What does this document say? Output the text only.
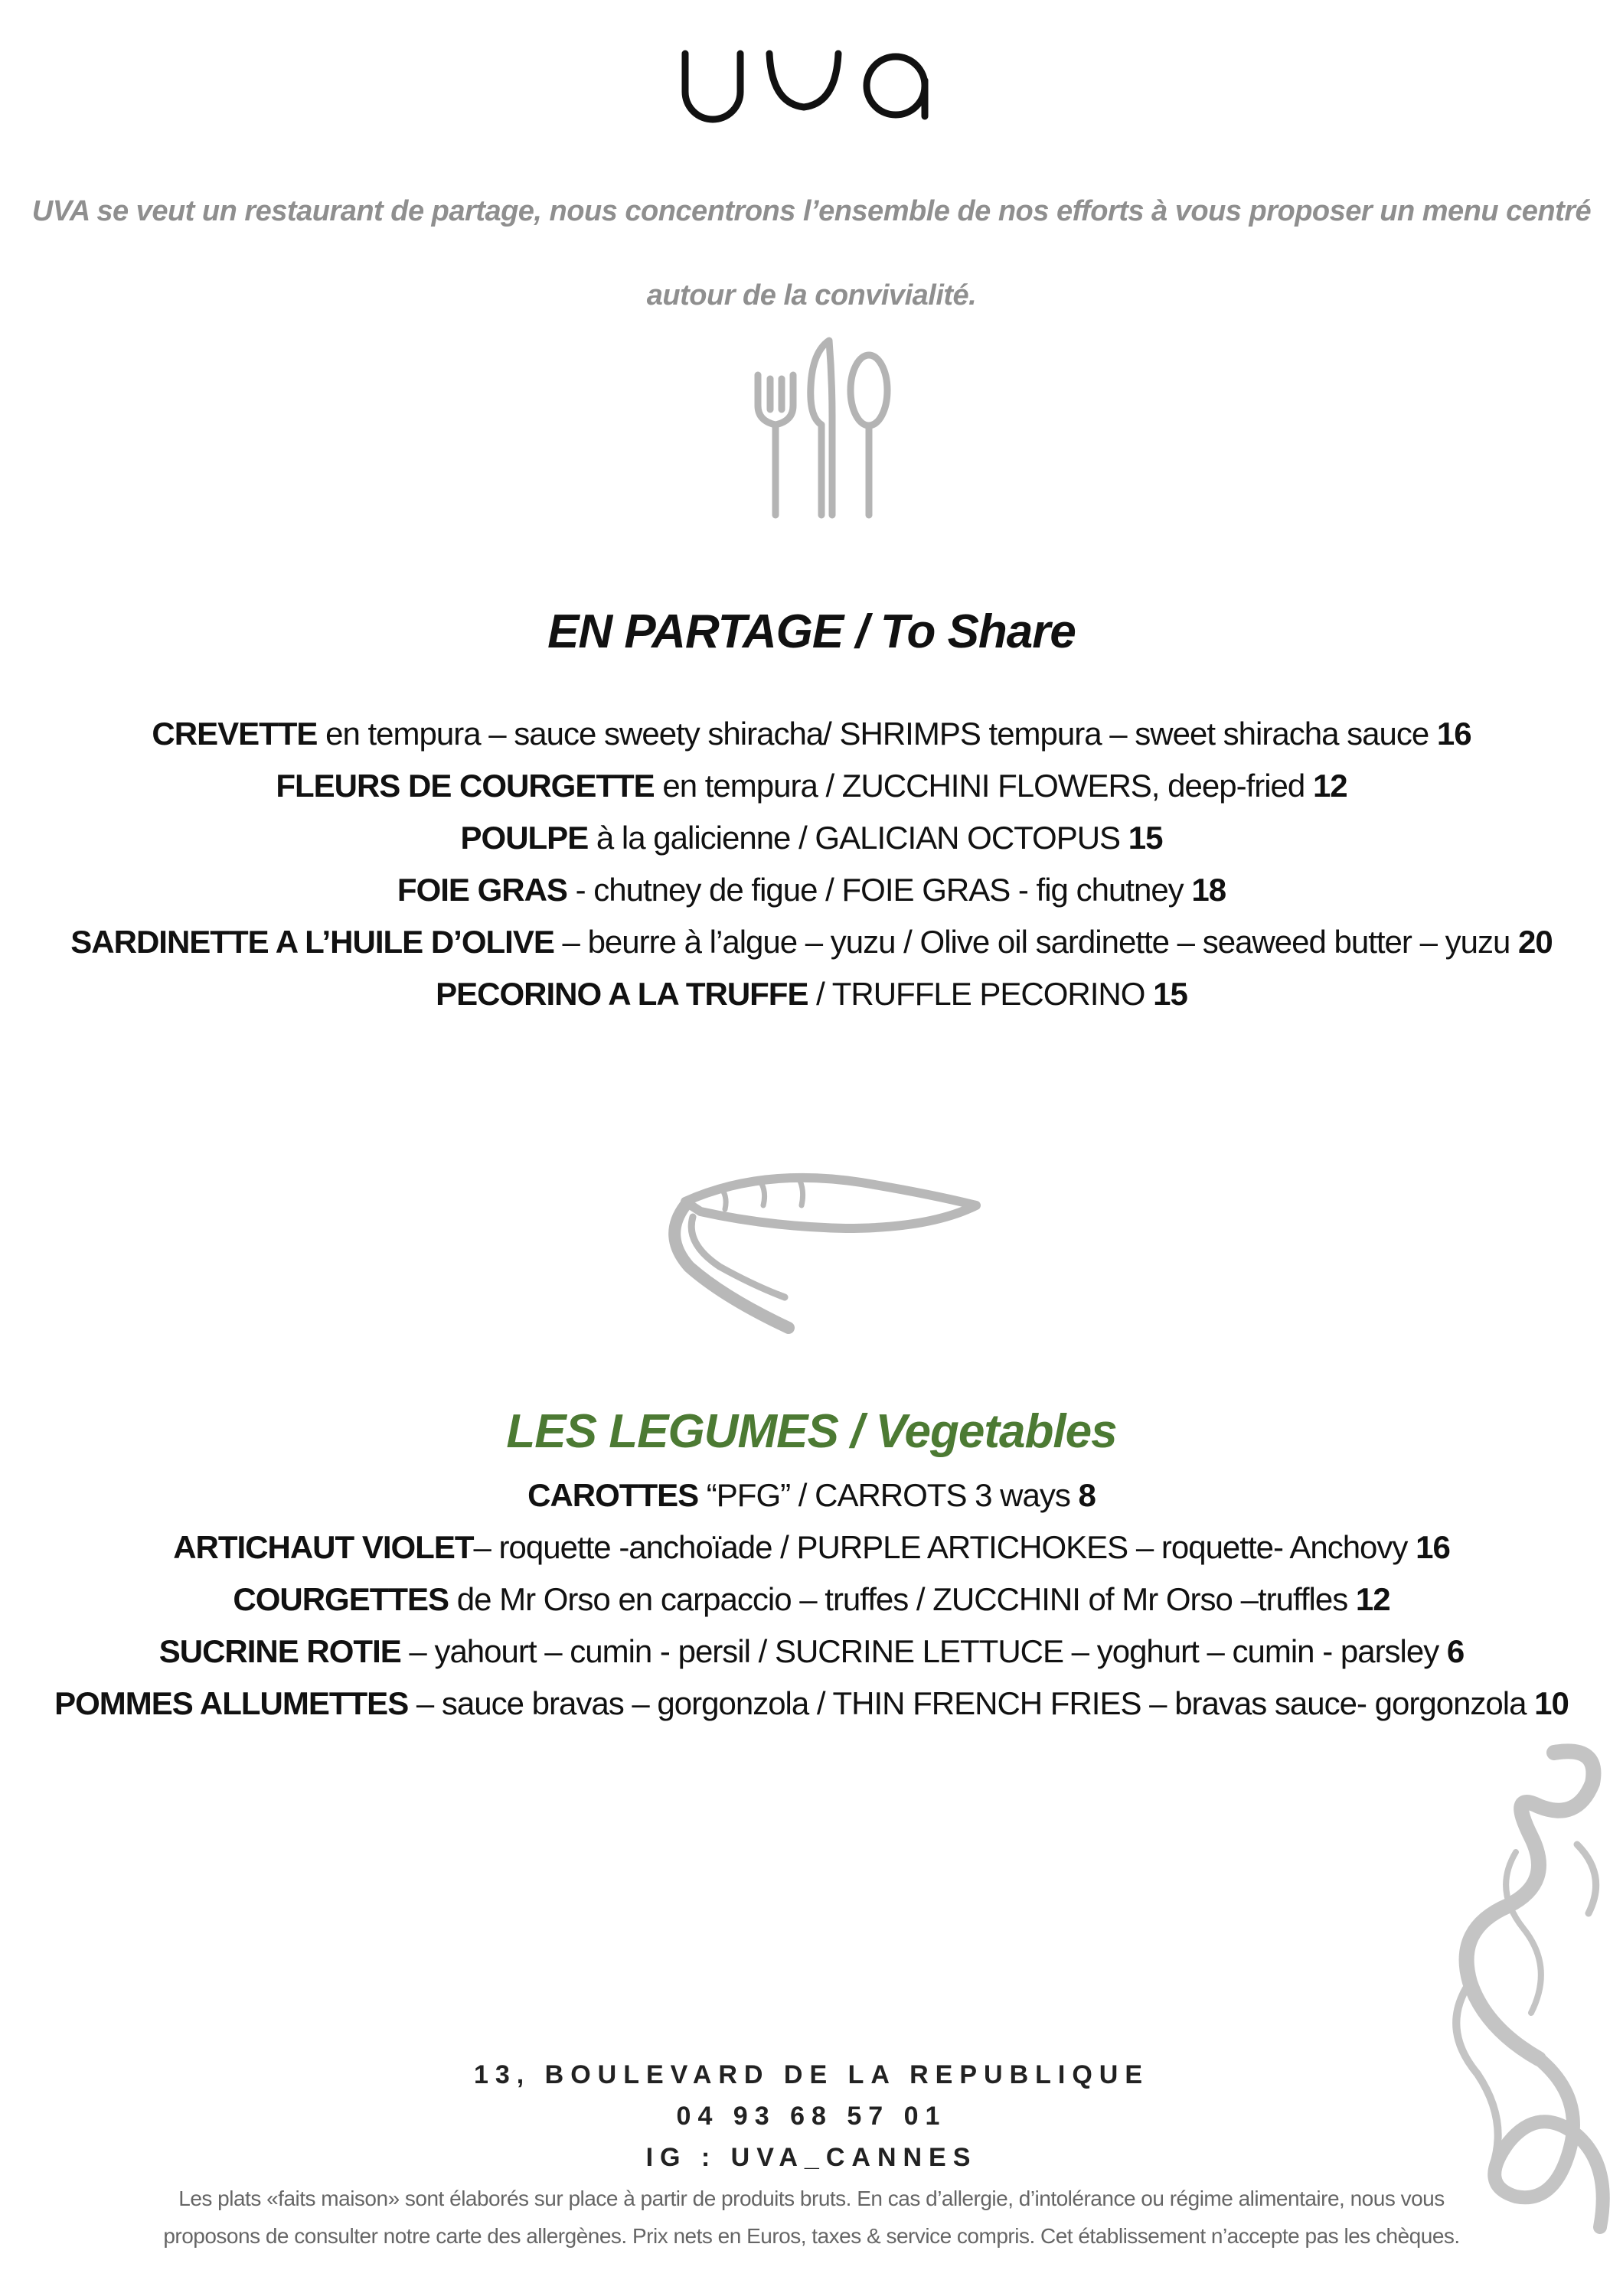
UVA se veut un restaurant de partage, nous concentrons l’ensemble de nos efforts à vous proposer un menu centré
autour de la convivialité.
EN PARTAGE / To Share
CREVETTE en tempura – sauce sweety shiracha/ SHRIMPS tempura – sweet shiracha sauce 16
FLEURS DE COURGETTE en tempura / ZUCCHINI FLOWERS, deep-fried 12
POULPE à la galicienne / GALICIAN OCTOPUS 15
FOIE GRAS - chutney de figue / FOIE GRAS - fig chutney 18
SARDINETTE A L’HUILE D’OLIVE – beurre à l’algue – yuzu / Olive oil sardinette – seaweed butter – yuzu 20
PECORINO A LA TRUFFE / TRUFFLE PECORINO 15
LES LEGUMES / Vegetables
CAROTTES “PFG” / CARROTS 3 ways 8
ARTICHAUT VIOLET– roquette -anchoïade / PURPLE ARTICHOKES – roquette- Anchovy 16
COURGETTES de Mr Orso en carpaccio – truffes / ZUCCHINI of Mr Orso –truffles 12
SUCRINE ROTIE – yahourt – cumin - persil / SUCRINE LETTUCE – yoghurt – cumin - parsley 6
POMMES ALLUMETTES – sauce bravas – gorgonzola / THIN FRENCH FRIES – bravas sauce- gorgonzola 10
13, BOULEVARD DE LA REPUBLIQUE
04 93 68 57 01
IG : UVA_CANNES
Les plats «faits maison» sont élaborés sur place à partir de produits bruts. En cas d’allergie, d’intolérance ou régime alimentaire, nous vous
proposons de consulter notre carte des allergènes. Prix nets en Euros, taxes & service compris. Cet établissement n’accepte pas les chèques.
